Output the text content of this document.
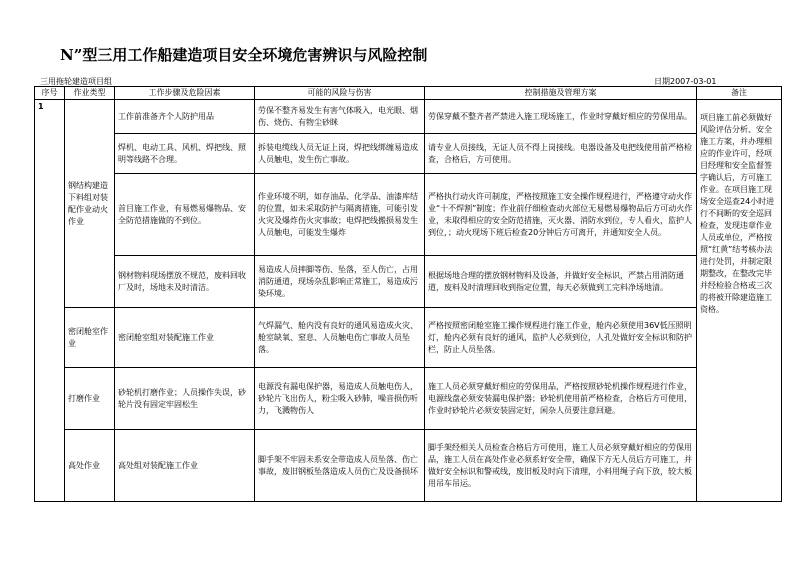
N”型三用工作船建造项目安全环境危害辨识与风险控制
三用拖轮建造项目组	日期2007-03-01
序号	作业类型	工作步骤及危险因素	可能的风险与伤害	控制措施及管理方案	备注
1	钢结构建造下料组对装配作业动火作业	工作前准备齐个人防护用品	劳保不整齐易发生有害气体吸入，电光眼、烟伤、烧伤、有物尘砂眯	劳保穿戴不整齐者严禁进入施工现场施工，作业时穿戴好相应的劳保用品。	项目施工前必须做好风险评估分析、安全施工方案，并办理相应的作业许可，经项目经理和安全监督签字确认后，方可施工作业。在项目施工现场安全巡查24小时进行不间断的安全巡回检查，发现违章作业人员或单位，严格按照“红黄”结考核办法进行处罚，并制定限期整改，在整改完毕并经检验合格或三次的将被开除建造施工资格。
		焊机、电动工具、风机、焊把线、照明等线路不合理。	拆装电缆线人员无证上岗，焊把线绑缠易造成人员触电，发生伤亡事故。	请专业人员接线，无证人员不得上岗接线。电器设备及电把线使用前严格检查，合格后，方可使用。	
		首目施工作业，有易燃易爆物品、安全防范措施做的不到位。	作业环境不明，如存油品、化学品、油漆库结的位置，如未采取防护与隔离措施，可能引发火灾及爆炸伤火灾事故；电焊把线搬损易发生人员触电，可能发生爆炸	严格执行动火许可制度，严格按照施工安全操作规程进行，严格遵守动火作业“十不焊割”制度；作业前仔细检查动火部位无易燃易爆物品后方可动火作业，未取得相应的安全防范措施，灭火器、消防水到位，专人看火，监护人到位，；动火现场下班后检查20分钟后方可离开，并通知安全人员。	
		钢材物料现场摆放不规范，废料回收厂及时，场地未及时清洁。	易造成人员摔脚等伤、坠落，至人伤亡，占用消防通道，现场杂乱影响正常施工，易造成污染环境。	根据场地合理的摆放钢材物料及设备，并做好安全标识，严禁占用消防通道，废料及时清理回收到指定位置，每天必须做到工完料净场地清。	
	密闭舱室作业	密闭舱室组对装配施工作业	气焊漏气、舱内没有良好的通风易造成火灾、舱室缺氧、窒息、人员触电伤亡事故人员坠落。	严格按照密闭舱室施工操作规程进行施工作业，舱内必须使用36V低压照明灯，舱内必须有良好的通风，监护人必须到位，人孔处做好安全标识和防护栏，防止人员坠落。	
	打磨作业	砂轮机打磨作业；人员操作失误，砂轮片没有固定牢固松生	电源没有漏电保护器，易造成人员触电伤人，砂轮片飞出伤人，粉尘吸入砂肺，噪音损伤听力，飞溅物伤人	施工人员必须穿戴好相应的劳保用品，严格按照砂轮机操作规程进行作业，电源线盘必须安装漏电保护器；砂轮机使用前严格检查，合格后方可使用，作业时砂轮片必须安装固定好，闲杂人员要注意回避。	
	高处作业	高处组对装配施工作业	脚手架不牢固未系安全带造成人员坠落、伤亡事故，废旧钢板坠落造成人员伤亡及设备损坏	脚手架经相关人员检查合格后方可使用，施工人员必须穿戴好相应的劳保用品，施工人员在高处作业必须系好安全带，确保下方无人员后方可施工，并做好安全标识和警戒线，废旧板及时向下清理，小料用绳子向下放，较大板用吊车吊运。	
